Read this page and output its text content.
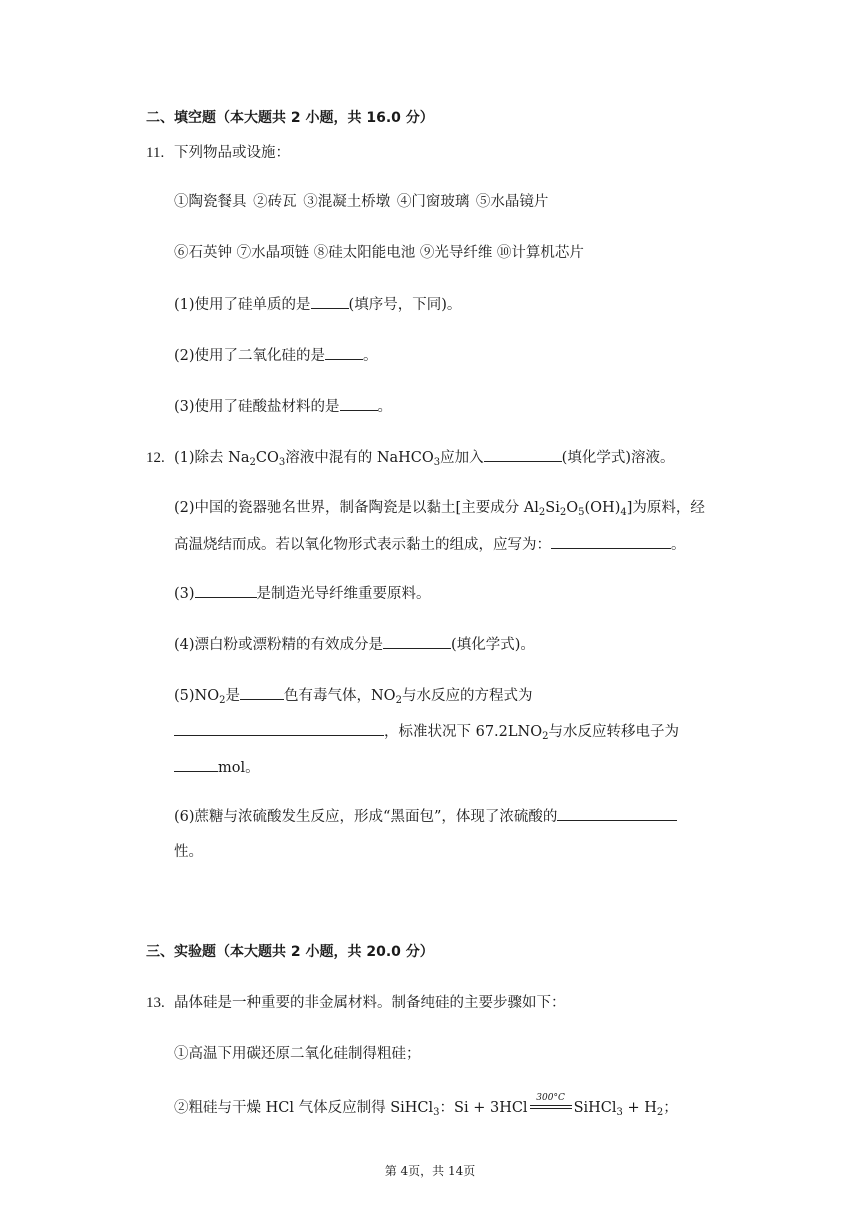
二、填空题（本大题共 2 小题，共 16.0 分）
11. 下列物品或设施：
①陶瓷餐具 ②砖瓦 ③混凝土桥墩 ④门窗玻璃 ⑤水晶镜片
⑥石英钟 ⑦水晶项链 ⑧硅太阳能电池 ⑨光导纤维 ⑩计算机芯片
(1)使用了硅单质的是	(填序号，下同)。
(2)使用了二氧化硅的是	。
(3)使用了硅酸盐材料的是	。
12. (1)除去 $Na_2CO_3$溶液中混有的 NaHCO$_3$应加入	(填化学式)溶液。
(2)中国的瓷器驰名世界，制备陶瓷是以黏土[主要成分 $Al_2Si_2O_5(OH)_4$]为原料，经
高温烧结而成。若以氧化物形式表示黏土的组成，应写为：	。
(3)	是制造光导纤维重要原料。
(4)漂白粉或漂粉精的有效成分是	(填化学式)。
$(5)NO_2$是	色有毒气体，$NO_2$与水反应的方程式为
，标准状况下 $67.2LNO_2$与水反应转移电子为
mol。
(6)蔗糖与浓硫酸发生反应，形成“黑面包”，体现了浓硫酸的
性。
三、实验题（本大题共 2 小题，共 20.0 分）
13. 晶体硅是一种重要的非金属材料。制备纯硅的主要步骤如下：
①高温下用碳还原二氧化硅制得粗硅；
②粗硅与干燥 HCl 气体反应制得 SiHCl$_3$：Si + 3HCl
300°C
SiHCl$_3$ + $H_2$；
第 4页，共 14页
